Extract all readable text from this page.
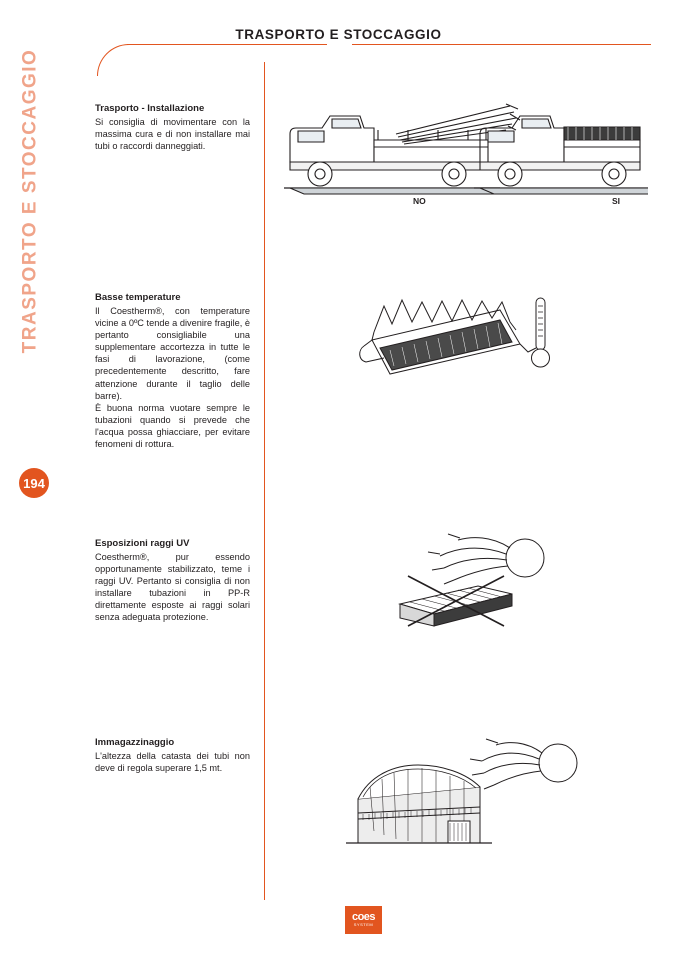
TRASPORTO E STOCCAGGIO
194
TRASPORTO E STOCCAGGIO
Trasporto - Installazione

Si consiglia di movimentare con la massima cura e di non installare mai tubi o raccordi danneggiati.

NO	SI
Basse temperature

Il Coestherm®, con temperature vicine a 0ºC tende a divenire fragile, è pertanto consigliabile una supplementare accortezza in tutte le fasi di lavorazione, (come precedentemente descritto, fare attenzione durante il taglio delle barre).

È buona norma vuotare sempre le tubazioni quando si prevede che l'acqua possa ghiacciare, per evitare fenomeni di rottura.

Esposizioni raggi UV

Coestherm®, pur essendo opportunamente stabilizzato, teme i raggi UV. Pertanto si consiglia di non installare tubazioni in PP-R direttamente esposte ai raggi solari senza adeguata protezione.

Immagazzinaggio

L'altezza della catasta dei tubi non deve di regola superare 1,5 mt.

coes
SYSTEM
